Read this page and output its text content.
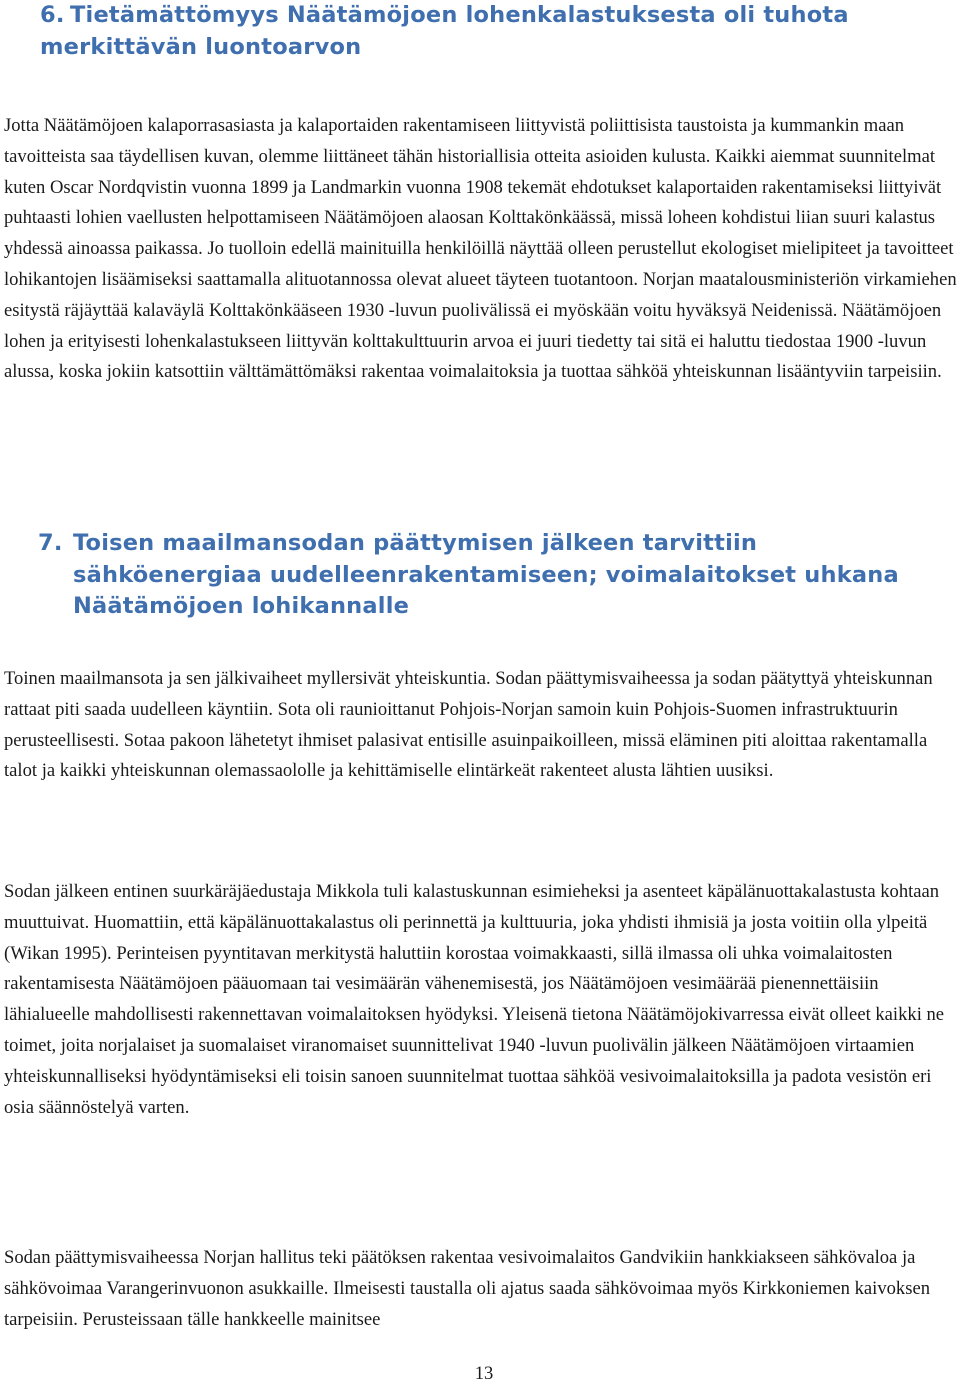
6. Tietämättömyys Näätämöjoen lohenkalastuksesta oli tuhota merkittävän luontoarvon

Jotta Näätämöjoen kalaporrasasiasta ja kalaportaiden rakentamiseen liittyvistä poliittisista taustoista ja kummankin maan tavoitteista saa täydellisen kuvan, olemme liittäneet tähän historiallisia otteita asioiden kulusta. Kaikki aiemmat suunnitelmat kuten Oscar Nordqvistin vuonna 1899 ja Landmarkin vuonna 1908 tekemät ehdotukset kalaportaiden rakentamiseksi liittyivät puhtaasti lohien vaellusten helpottamiseen Näätämöjoen alaosan Kolttakönkäässä, missä loheen kohdistui liian suuri kalastus yhdessä ainoassa paikassa. Jo tuolloin edellä mainituilla henkilöillä näyttää olleen perustellut ekologiset mielipiteet ja tavoitteet lohikantojen lisäämiseksi saattamalla alituotannossa olevat alueet täyteen tuotantoon. Norjan maatalousministeriön virkamiehen esitystä räjäyttää kalaväylä Kolttakönkääseen 1930 -luvun puolivälissä ei myöskään voitu hyväksyä Neidenissä. Näätämöjoen lohen ja erityisesti lohenkalastukseen liittyvän kolttakulttuurin arvoa ei juuri tiedetty tai sitä ei haluttu tiedostaa 1900 -luvun alussa, koska jokiin katsottiin välttämättömäksi rakentaa voimalaitoksia ja tuottaa sähköä yhteiskunnan lisääntyviin tarpeisiin.

7. Toisen maailmansodan päättymisen jälkeen tarvittiin sähköenergiaa uudelleenrakentamiseen; voimalaitokset uhkana Näätämöjoen lohikannalle

Toinen maailmansota ja sen jälkivaiheet myllersivät yhteiskuntia. Sodan päättymisvaiheessa ja sodan päätyttyä yhteiskunnan rattaat piti saada uudelleen käyntiin. Sota oli raunioittanut Pohjois-Norjan samoin kuin Pohjois-Suomen infrastruktuurin perusteellisesti. Sotaa pakoon lähetetyt ihmiset palasivat entisille asuinpaikoilleen, missä eläminen piti aloittaa rakentamalla talot ja kaikki yhteiskunnan olemassaololle ja kehittämiselle elintärkeät rakenteet alusta lähtien uusiksi.

Sodan jälkeen entinen suurkäräjäedustaja Mikkola tuli kalastuskunnan esimieheksi ja asenteet käpälänuottakalastusta kohtaan muuttuivat. Huomattiin, että käpälänuottakalastus oli perinnettä ja kulttuuria, joka yhdisti ihmisiä ja josta voitiin olla ylpeitä (Wikan 1995). Perinteisen pyyntitavan merkitystä haluttiin korostaa voimakkaasti, sillä ilmassa oli uhka voimalaitosten rakentamisesta Näätämöjoen pääuomaan tai vesimäärän vähenemisestä, jos Näätämöjoen vesimäärää pienennettäisiin lähialueelle mahdollisesti rakennettavan voimalaitoksen hyödyksi. Yleisenä tietona Näätämöjokivarressa eivät olleet kaikki ne toimet, joita norjalaiset ja suomalaiset viranomaiset suunnittelivat 1940 -luvun puolivälin jälkeen Näätämöjoen virtaamien yhteiskunnalliseksi hyödyntämiseksi eli toisin sanoen suunnitelmat tuottaa sähköä vesivoimalaitoksilla ja padota vesistön eri osia säännöstelyä varten.

Sodan päättymisvaiheessa Norjan hallitus teki päätöksen rakentaa vesivoimalaitos Gandvikiin hankkiakseen sähkövaloa ja sähkövoimaa Varangerinvuonon asukkaille. Ilmeisesti taustalla oli ajatus saada sähkövoimaa myös Kirkkoniemen kaivoksen tarpeisiin. Perusteissaan tälle hankkeelle mainitsee

13
